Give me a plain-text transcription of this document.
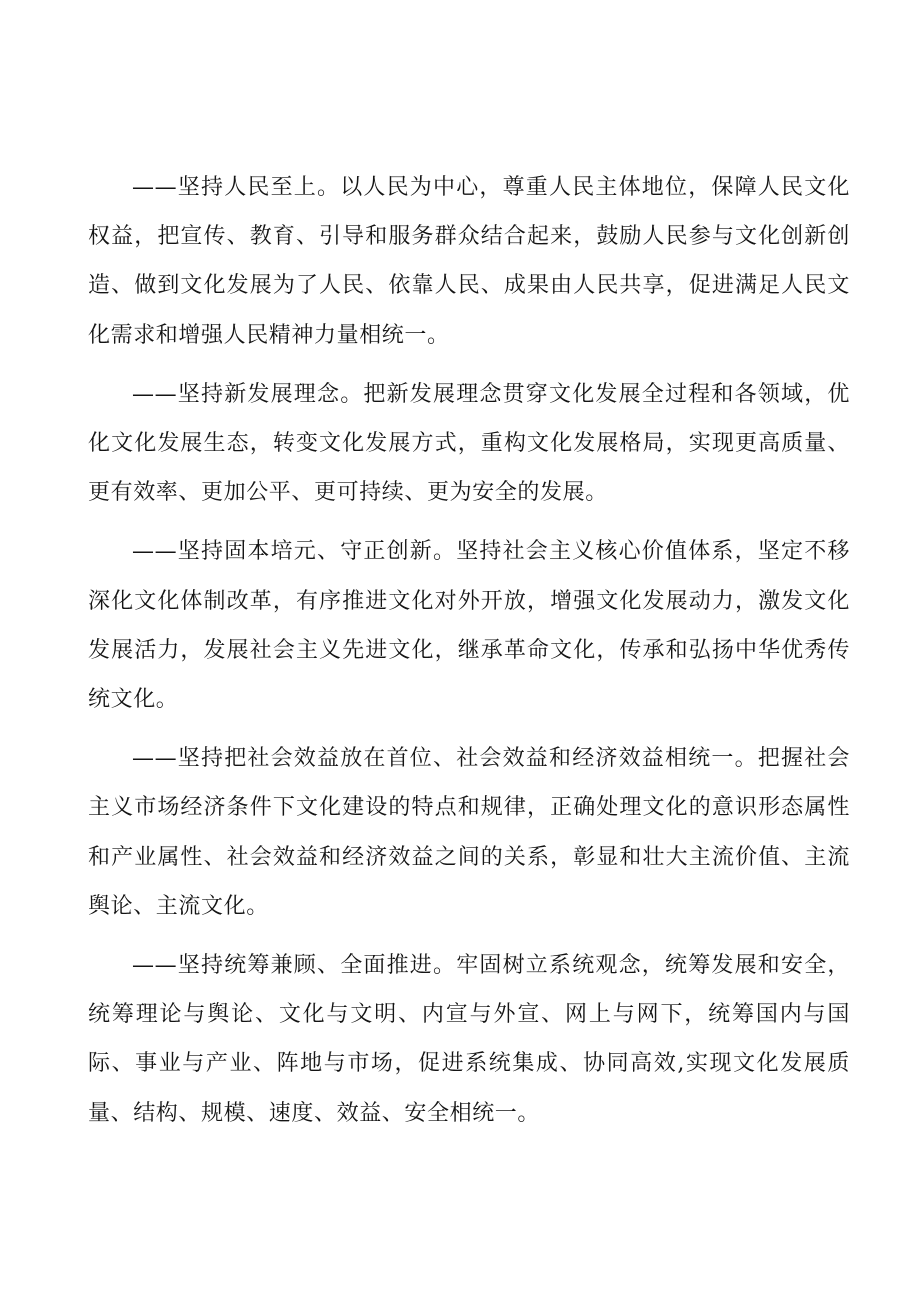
——坚持人民至上。以人民为中心，尊重人民主体地位，保障人民文化权益，把宣传、教育、引导和服务群众结合起来，鼓励人民参与文化创新创造、做到文化发展为了人民、依靠人民、成果由人民共享，促进满足人民文化需求和增强人民精神力量相统一。

——坚持新发展理念。把新发展理念贯穿文化发展全过程和各领域，优化文化发展生态，转变文化发展方式，重构文化发展格局，实现更高质量、更有效率、更加公平、更可持续、更为安全的发展。

——坚持固本培元、守正创新。坚持社会主义核心价值体系，坚定不移深化文化体制改革，有序推进文化对外开放，增强文化发展动力，激发文化发展活力，发展社会主义先进文化，继承革命文化，传承和弘扬中华优秀传统文化。

——坚持把社会效益放在首位、社会效益和经济效益相统一。把握社会主义市场经济条件下文化建设的特点和规律，正确处理文化的意识形态属性和产业属性、社会效益和经济效益之间的关系，彰显和壮大主流价值、主流舆论、主流文化。

——坚持统筹兼顾、全面推进。牢固树立系统观念，统筹发展和安全，统筹理论与舆论、文化与文明、内宣与外宣、网上与网下，统筹国内与国际、事业与产业、阵地与市场，促进系统集成、协同高效,实现文化发展质量、结构、规模、速度、效益、安全相统一。
